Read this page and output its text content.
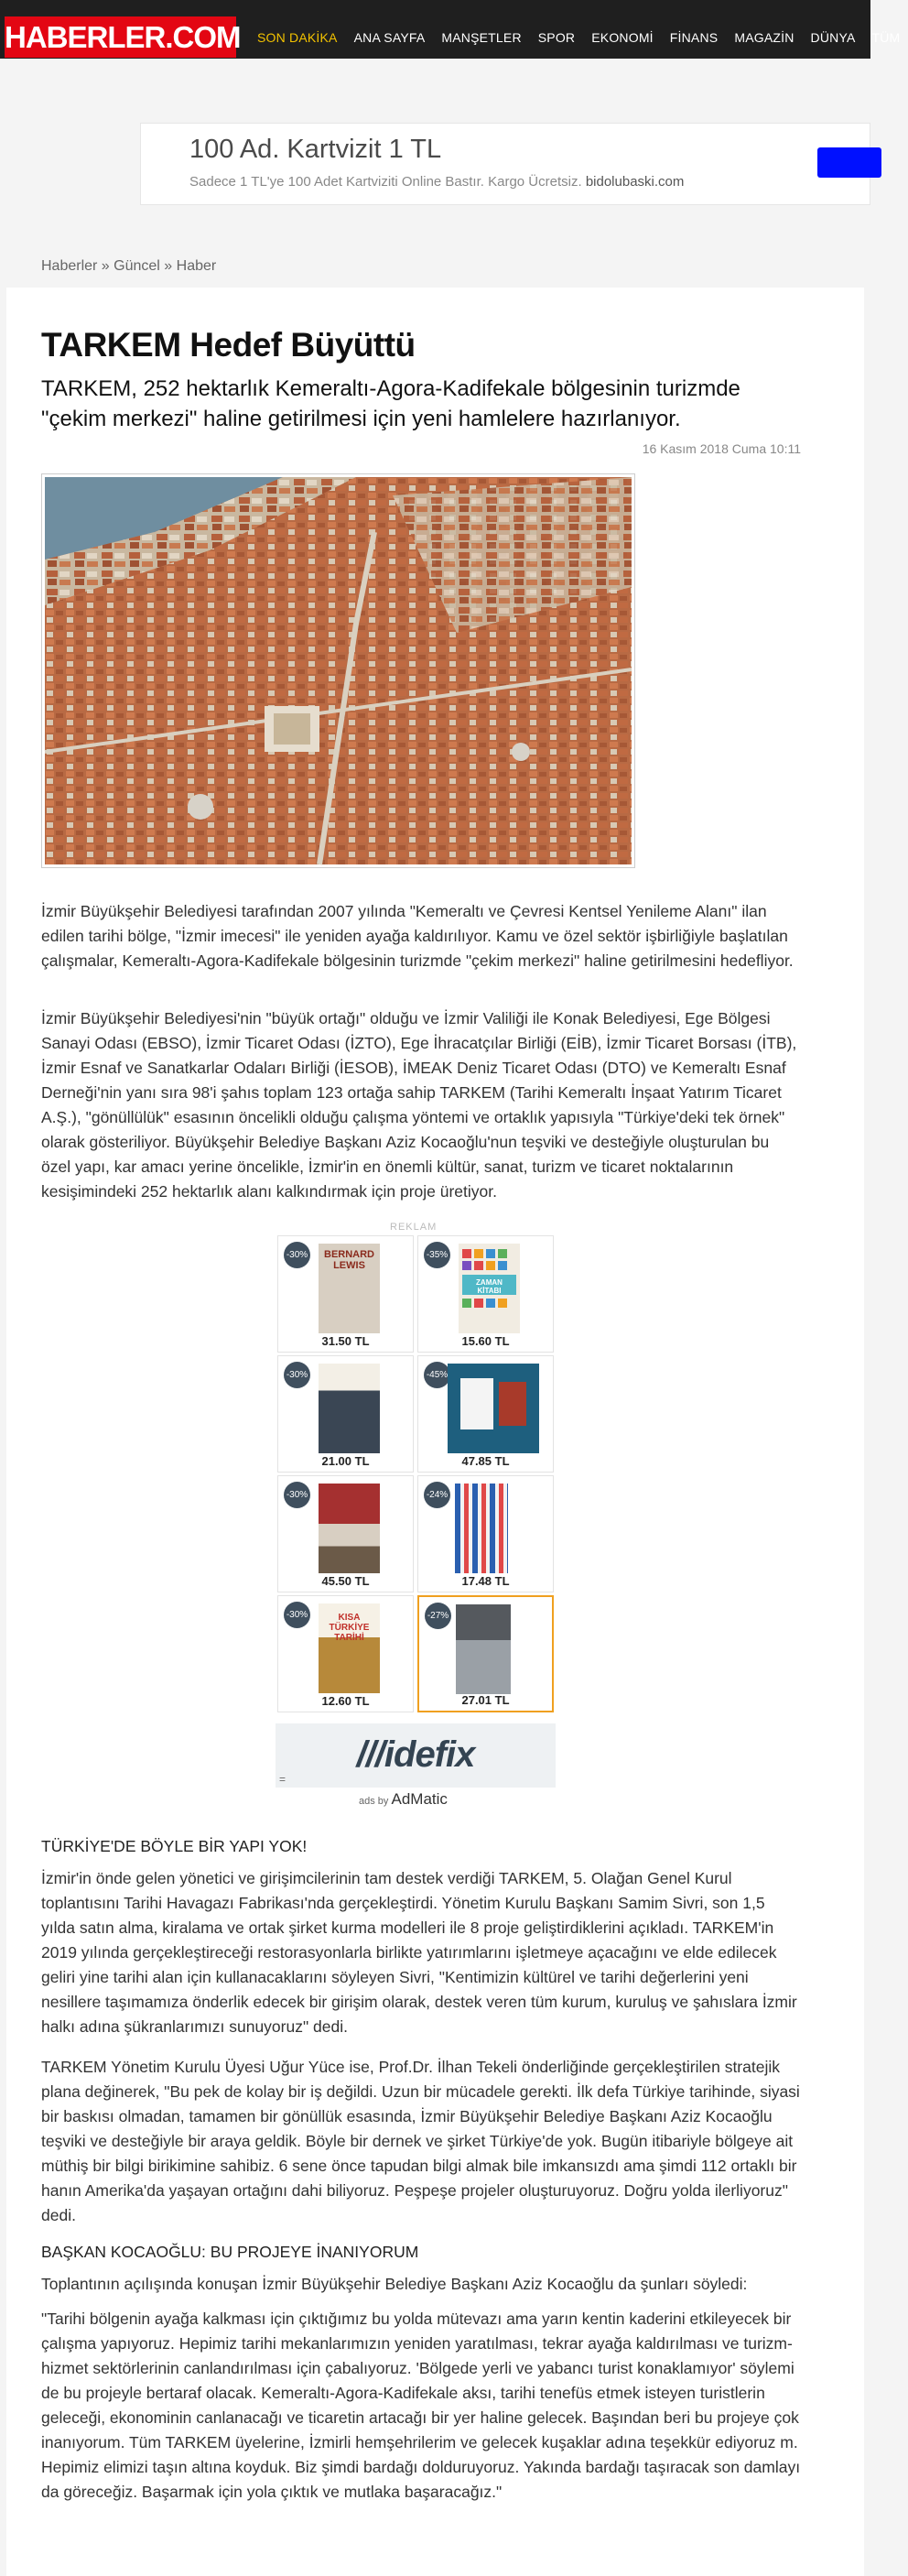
HABERLER.COM	SON DAKİKA	ANA SAYFA	MANŞETLER	SPOR	EKONOMİ	FİNANS	MAGAZİN	DÜNYA	TÜM
100 Ad. Kartvizit 1 TL
Sadece 1 TL'ye 100 Adet Kartviziti Online Bastır. Kargo Ücretsiz. bidolubaski.com
Haberler » Güncel » Haber
TARKEM Hedef Büyüttü
TARKEM, 252 hektarlık Kemeraltı-Agora-Kadifekale bölgesinin turizmde "çekim merkezi" haline getirilmesi için yeni hamlelere hazırlanıyor.
16 Kasım 2018 Cuma 10:11

İzmir Büyükşehir Belediyesi tarafından 2007 yılında "Kemeraltı ve Çevresi Kentsel Yenileme Alanı" ilan edilen tarihi bölge, "İzmir imecesi" ile yeniden ayağa kaldırılıyor. Kamu ve özel sektör işbirliğiyle başlatılan çalışmalar, Kemeraltı-Agora-Kadifekale bölgesinin turizmde "çekim merkezi" haline getirilmesini hedefliyor.

İzmir Büyükşehir Belediyesi'nin "büyük ortağı" olduğu ve İzmir Valiliği ile Konak Belediyesi, Ege Bölgesi Sanayi Odası (EBSO), İzmir Ticaret Odası (İZTO), Ege İhracatçılar Birliği (EİB), İzmir Ticaret Borsası (İTB), İzmir Esnaf ve Sanatkarlar Odaları Birliği (İESOB), İMEAK Deniz Ticaret Odası (DTO) ve Kemeraltı Esnaf Derneği'nin yanı sıra 98'i şahıs toplam 123 ortağa sahip TARKEM (Tarihi Kemeraltı İnşaat Yatırım Ticaret A.Ş.), "gönüllülük" esasının öncelikli olduğu çalışma yöntemi ve ortaklık yapısıyla "Türkiye'deki tek örnek" olarak gösteriliyor. Büyükşehir Belediye Başkanı Aziz Kocaoğlu'nun teşviki ve desteğiyle oluşturulan bu özel yapı, kar amacı yerine öncelikle, İzmir'in en önemli kültür, sanat, turizm ve ticaret noktalarının kesişimindeki 252 hektarlık alanı kalkındırmak için proje üretiyor.

REKLAM
-30%	BERNARD LEWIS
31.50 TL
-35%
ZAMAN KİTABI
15.60 TL
-30%
21.00 TL
-45%
47.85 TL
-30%
45.50 TL
-24%
17.48 TL
-30%	KISA TÜRKİYE TARİHİ
12.60 TL
-27%
27.01 TL
///idefix
=
ads by AdMatic
TÜRKİYE'DE BÖYLE BİR YAPI YOK!

İzmir'in önde gelen yönetici ve girişimcilerinin tam destek verdiği TARKEM, 5. Olağan Genel Kurul toplantısını Tarihi Havagazı Fabrikası'nda gerçekleştirdi. Yönetim Kurulu Başkanı Samim Sivri, son 1,5 yılda satın alma, kiralama ve ortak şirket kurma modelleri ile 8 proje geliştirdiklerini açıkladı. TARKEM'in 2019 yılında gerçekleştireceği restorasyonlarla birlikte yatırımlarını işletmeye açacağını ve elde edilecek geliri yine tarihi alan için kullanacaklarını söyleyen Sivri, "Kentimizin kültürel ve tarihi değerlerini yeni nesillere taşımamıza önderlik edecek bir girişim olarak, destek veren tüm kurum, kuruluş ve şahıslara İzmir halkı adına şükranlarımızı sunuyoruz" dedi.

TARKEM Yönetim Kurulu Üyesi Uğur Yüce ise, Prof.Dr. İlhan Tekeli önderliğinde gerçekleştirilen stratejik plana değinerek, "Bu pek de kolay bir iş değildi. Uzun bir mücadele gerekti. İlk defa Türkiye tarihinde, siyasi bir baskısı olmadan, tamamen bir gönüllük esasında, İzmir Büyükşehir Belediye Başkanı Aziz Kocaoğlu teşviki ve desteğiyle bir araya geldik. Böyle bir dernek ve şirket Türkiye'de yok. Bugün itibariyle bölgeye ait müthiş bir bilgi birikimine sahibiz. 6 sene önce tapudan bilgi almak bile imkansızdı ama şimdi 112 ortaklı bir hanın Amerika'da yaşayan ortağını dahi biliyoruz. Peşpeşe projeler oluşturuyoruz. Doğru yolda ilerliyoruz" dedi.

BAŞKAN KOCAOĞLU: BU PROJEYE İNANIYORUM

Toplantının açılışında konuşan İzmir Büyükşehir Belediye Başkanı Aziz Kocaoğlu da şunları söyledi:

"Tarihi bölgenin ayağa kalkması için çıktığımız bu yolda mütevazı ama yarın kentin kaderini etkileyecek bir çalışma yapıyoruz. Hepimiz tarihi mekanlarımızın yeniden yaratılması, tekrar ayağa kaldırılması ve turizm-hizmet sektörlerinin canlandırılması için çabalıyoruz. 'Bölgede yerli ve yabancı turist konaklamıyor' söylemi de bu projeyle bertaraf olacak. Kemeraltı-Agora-Kadifekale aksı, tarihi tenefüs etmek isteyen turistlerin geleceği, ekonominin canlanacağı ve ticaretin artacağı bir yer haline gelecek. Başından beri bu projeye çok inanıyorum. Tüm TARKEM üyelerine, İzmirli hemşehrilerim ve gelecek kuşaklar adına teşekkür ediyoruz m. Hepimiz elimizi taşın altına koyduk. Biz şimdi bardağı dolduruyoruz. Yakında bardağı taşıracak son damlayı da göreceğiz. Başarmak için yola çıktık ve mutlaka başaracağız."
